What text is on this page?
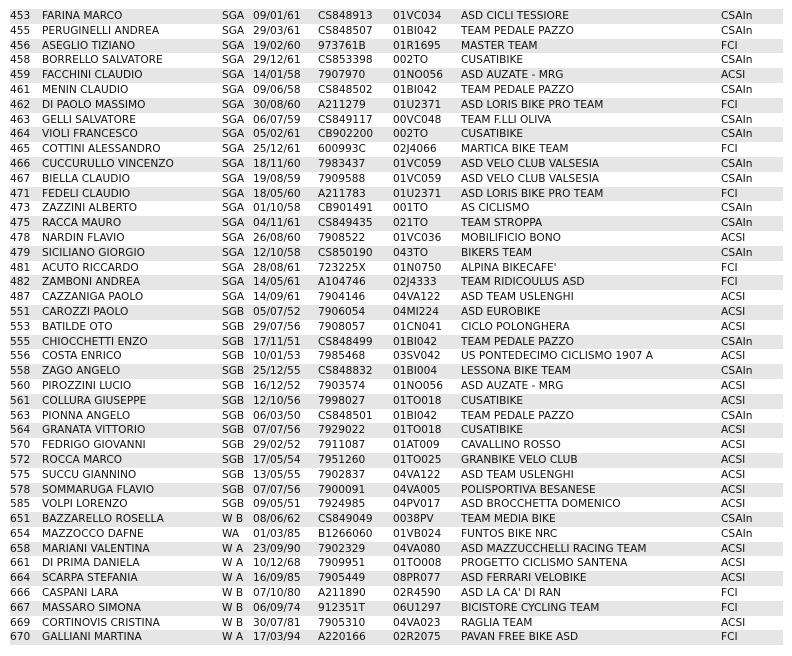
453	FARINA MARCO	SGA	09/01/61	CS848913	01VC034	ASD CICLI TESSIORE	CSAIn
455	PERUGINELLI ANDREA	SGA	29/03/61	CS848507	01BI042	TEAM PEDALE PAZZO	CSAIn
456	ASEGLIO TIZIANO	SGA	19/02/60	973761B	01R1695	MASTER TEAM	FCI
458	BORRELLO SALVATORE	SGA	29/12/61	CS853398	002TO	CUSATIBIKE	CSAIn
459	FACCHINI CLAUDIO	SGA	14/01/58	7907970	01NO056	ASD AUZATE - MRG	ACSI
461	MENIN CLAUDIO	SGA	09/06/58	CS848502	01BI042	TEAM PEDALE PAZZO	CSAIn
462	DI PAOLO MASSIMO	SGA	30/08/60	A211279	01U2371	ASD LORIS BIKE PRO TEAM	FCI
463	GELLI SALVATORE	SGA	06/07/59	CS849117	00VC048	TEAM F.LLI OLIVA	CSAIn
464	VIOLI FRANCESCO	SGA	05/02/61	CB902200	002TO	CUSATIBIKE	CSAIn
465	COTTINI ALESSANDRO	SGA	25/12/61	600993C	02J4066	MARTICA BIKE TEAM	FCI
466	CUCCURULLO VINCENZO	SGA	18/11/60	7983437	01VC059	ASD VELO CLUB VALSESIA	CSAIn
467	BIELLA CLAUDIO	SGA	19/08/59	7909588	01VC059	ASD VELO CLUB VALSESIA	CSAIn
471	FEDELI CLAUDIO	SGA	18/05/60	A211783	01U2371	ASD LORIS BIKE PRO TEAM	FCI
473	ZAZZINI ALBERTO	SGA	01/10/58	CB901491	001TO	AS CICLISMO	CSAIn
475	RACCA MAURO	SGA	04/11/61	CS849435	021TO	TEAM STROPPA	CSAIn
478	NARDIN FLAVIO	SGA	26/08/60	7908522	01VC036	MOBILIFICIO BONO	ACSI
479	SICILIANO GIORGIO	SGA	12/10/58	CS850190	043TO	BIKERS TEAM	CSAIn
481	ACUTO RICCARDO	SGA	28/08/61	723225X	01N0750	ALPINA BIKECAFE'	FCI
482	ZAMBONI ANDREA	SGA	14/05/61	A104746	02J4333	TEAM RIDICOULUS ASD	FCI
487	CAZZANIGA PAOLO	SGA	14/09/61	7904146	04VA122	ASD TEAM USLENGHI	ACSI
551	CAROZZI PAOLO	SGB	05/07/52	7906054	04MI224	ASD EUROBIKE	ACSI
553	BATILDE OTO	SGB	29/07/56	7908057	01CN041	CICLO POLONGHERA	ACSI
555	CHIOCCHETTI ENZO	SGB	17/11/51	CS848499	01BI042	TEAM PEDALE PAZZO	CSAIn
556	COSTA ENRICO	SGB	10/01/53	7985468	03SV042	US PONTEDECIMO CICLISMO 1907 A	ACSI
558	ZAGO ANGELO	SGB	25/12/55	CS848832	01BI004	LESSONA BIKE TEAM	CSAIn
560	PIROZZINI LUCIO	SGB	16/12/52	7903574	01NO056	ASD AUZATE - MRG	ACSI
561	COLLURA GIUSEPPE	SGB	12/10/56	7998027	01TO018	CUSATIBIKE	ACSI
563	PIONNA ANGELO	SGB	06/03/50	CS848501	01BI042	TEAM PEDALE PAZZO	CSAIn
564	GRANATA VITTORIO	SGB	07/07/56	7929022	01TO018	CUSATIBIKE	ACSI
570	FEDRIGO GIOVANNI	SGB	29/02/52	7911087	01AT009	CAVALLINO ROSSO	ACSI
572	ROCCA MARCO	SGB	17/05/54	7951260	01TO025	GRANBIKE VELO CLUB	ACSI
575	SUCCU GIANNINO	SGB	13/05/55	7902837	04VA122	ASD TEAM USLENGHI	ACSI
578	SOMMARUGA FLAVIO	SGB	07/07/56	7900091	04VA005	POLISPORTIVA BESANESE	ACSI
585	VOLPI LORENZO	SGB	09/05/51	7924985	04PV017	ASD BROCCHETTA DOMENICO	ACSI
651	BAZZARELLO ROSELLA	W B	08/06/62	CS849049	0038PV	TEAM MEDIA BIKE	CSAIn
654	MAZZOCCO DAFNE	WA	01/03/85	B1266060	01VB024	FUNTOS BIKE NRC	CSAIn
658	MARIANI VALENTINA	W A	23/09/90	7902329	04VA080	ASD MAZZUCCHELLI RACING TEAM	ACSI
661	DI PRIMA DANIELA	W A	10/12/68	7909951	01TO008	PROGETTO CICLISMO SANTENA	ACSI
664	SCARPA STEFANIA	W A	16/09/85	7905449	08PR077	ASD FERRARI VELOBIKE	ACSI
666	CASPANI LARA	W B	07/10/80	A211890	02R4590	ASD LA CA' DI RAN	FCI
667	MASSARO SIMONA	W B	06/09/74	912351T	06U1297	BICISTORE CYCLING TEAM	FCI
669	CORTINOVIS CRISTINA	W B	30/07/81	7905310	04VA023	RAGLIA TEAM	ACSI
670	GALLIANI MARTINA	W A	17/03/94	A220166	02R2075	PAVAN FREE BIKE ASD	FCI
